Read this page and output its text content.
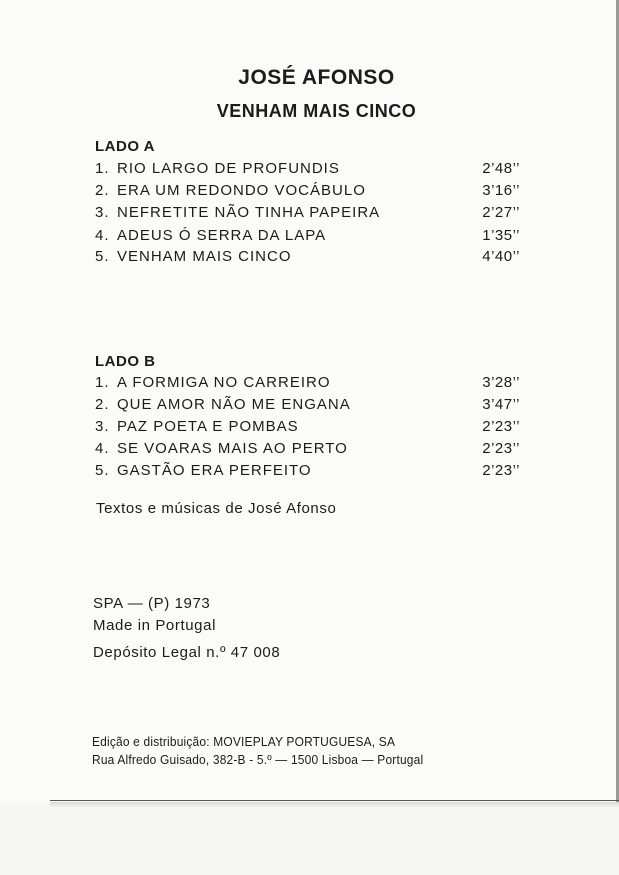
JOSÉ AFONSO
VENHAM MAIS CINCO
LADO A
1. RIO LARGO DE PROFUNDIS	2’48’’
2. ERA UM REDONDO VOCÁBULO	3’16’’
3. NEFRETITE NÃO TINHA PAPEIRA	2’27’’
4. ADEUS Ó SERRA DA LAPA	1’35’’
5. VENHAM MAIS CINCO	4’40’’
LADO B
1. A FORMIGA NO CARREIRO	3’28’’
2. QUE AMOR NÃO ME ENGANA	3’47’’
3. PAZ POETA E POMBAS	2’23’’
4. SE VOARAS MAIS AO PERTO	2’23’’
5. GASTÃO ERA PERFEITO	2’23’’
Textos e músicas de José Afonso
SPA — (P) 1973
Made in Portugal
Depósito Legal n.º 47 008
Edição e distribuição: MOVIEPLAY PORTUGUESA, SA
Rua Alfredo Guisado, 382-B - 5.º — 1500 Lisboa — Portugal
